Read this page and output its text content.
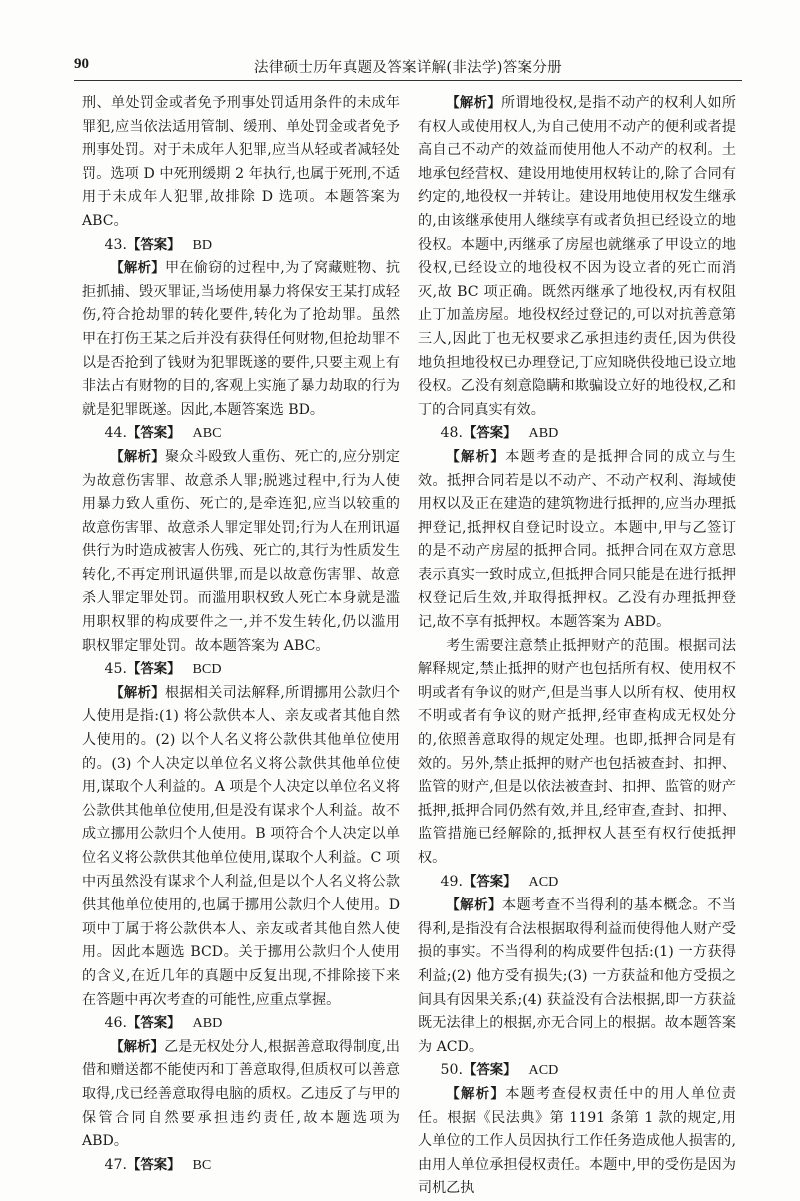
90	法律硕士历年真题及答案详解(非法学)答案分册

刑、单处罚金或者免予刑事处罚适用条件的未成年罪犯,应当依法适用管制、缓刑、单处罚金或者免予刑事处罚。对于未成年人犯罪,应当从轻或者减轻处罚。选项 D 中死刑缓期 2 年执行,也属于死刑,不适用于未成年人犯罪,故排除 D 选项。本题答案为 ABC。

43.【答案】 BD

【解析】甲在偷窃的过程中,为了窝藏赃物、抗拒抓捕、毁灭罪证,当场使用暴力将保安王某打成轻伤,符合抢劫罪的转化要件,转化为了抢劫罪。虽然甲在打伤王某之后并没有获得任何财物,但抢劫罪不以是否抢到了钱财为犯罪既遂的要件,只要主观上有非法占有财物的目的,客观上实施了暴力劫取的行为就是犯罪既遂。因此,本题答案选 BD。

44.【答案】 ABC

【解析】聚众斗殴致人重伤、死亡的,应分别定为故意伤害罪、故意杀人罪;脱逃过程中,行为人使用暴力致人重伤、死亡的,是牵连犯,应当以较重的故意伤害罪、故意杀人罪定罪处罚;行为人在刑讯逼供行为时造成被害人伤残、死亡的,其行为性质发生转化,不再定刑讯逼供罪,而是以故意伤害罪、故意杀人罪定罪处罚。而滥用职权致人死亡本身就是滥用职权罪的构成要件之一,并不发生转化,仍以滥用职权罪定罪处罚。故本题答案为 ABC。

45.【答案】 BCD

【解析】根据相关司法解释,所谓挪用公款归个人使用是指:(1) 将公款供本人、亲友或者其他自然人使用的。(2) 以个人名义将公款供其他单位使用的。(3) 个人决定以单位名义将公款供其他单位使用,谋取个人利益的。A 项是个人决定以单位名义将公款供其他单位使用,但是没有谋求个人利益。故不成立挪用公款归个人使用。B 项符合个人决定以单位名义将公款供其他单位使用,谋取个人利益。C 项中丙虽然没有谋求个人利益,但是以个人名义将公款供其他单位使用的,也属于挪用公款归个人使用。D 项中丁属于将公款供本人、亲友或者其他自然人使用。因此本题选 BCD。关于挪用公款归个人使用的含义,在近几年的真题中反复出现,不排除接下来在答题中再次考查的可能性,应重点掌握。

46.【答案】 ABD

【解析】乙是无权处分人,根据善意取得制度,出借和赠送都不能使丙和丁善意取得,但质权可以善意取得,戊已经善意取得电脑的质权。乙违反了与甲的保管合同自然要承担违约责任,故本题选项为 ABD。

47.【答案】 BC

【解析】所谓地役权,是指不动产的权利人如所有权人或使用权人,为自己使用不动产的便利或者提高自己不动产的效益而使用他人不动产的权利。土地承包经营权、建设用地使用权转让的,除了合同有约定的,地役权一并转让。建设用地使用权发生继承的,由该继承使用人继续享有或者负担已经设立的地役权。本题中,丙继承了房屋也就继承了甲设立的地役权,已经设立的地役权不因为设立者的死亡而消灭,故 BC 项正确。既然丙继承了地役权,丙有权阻止丁加盖房屋。地役权经过登记的,可以对抗善意第三人,因此丁也无权要求乙承担违约责任,因为供役地负担地役权已办理登记,丁应知晓供役地已设立地役权。乙没有刻意隐瞒和欺骗设立好的地役权,乙和丁的合同真实有效。

48.【答案】 ABD

【解析】本题考查的是抵押合同的成立与生效。抵押合同若是以不动产、不动产权利、海域使用权以及正在建造的建筑物进行抵押的,应当办理抵押登记,抵押权自登记时设立。本题中,甲与乙签订的是不动产房屋的抵押合同。抵押合同在双方意思表示真实一致时成立,但抵押合同只能是在进行抵押权登记后生效,并取得抵押权。乙没有办理抵押登记,故不享有抵押权。本题答案为 ABD。

考生需要注意禁止抵押财产的范围。根据司法解释规定,禁止抵押的财产也包括所有权、使用权不明或者有争议的财产,但是当事人以所有权、使用权不明或者有争议的财产抵押,经审查构成无权处分的,依照善意取得的规定处理。也即,抵押合同是有效的。另外,禁止抵押的财产也包括被查封、扣押、监管的财产,但是以依法被查封、扣押、监管的财产抵押,抵押合同仍然有效,并且,经审查,查封、扣押、监管措施已经解除的,抵押权人甚至有权行使抵押权。

49.【答案】 ACD

【解析】本题考查不当得利的基本概念。不当得利,是指没有合法根据取得利益而使得他人财产受损的事实。不当得利的构成要件包括:(1) 一方获得利益;(2) 他方受有损失;(3) 一方获益和他方受损之间具有因果关系;(4) 获益没有合法根据,即一方获益既无法律上的根据,亦无合同上的根据。故本题答案为 ACD。

50.【答案】 ACD

【解析】本题考查侵权责任中的用人单位责任。根据《民法典》第 1191 条第 1 款的规定,用人单位的工作人员因执行工作任务造成他人损害的,由用人单位承担侵权责任。本题中,甲的受伤是因为司机乙执
